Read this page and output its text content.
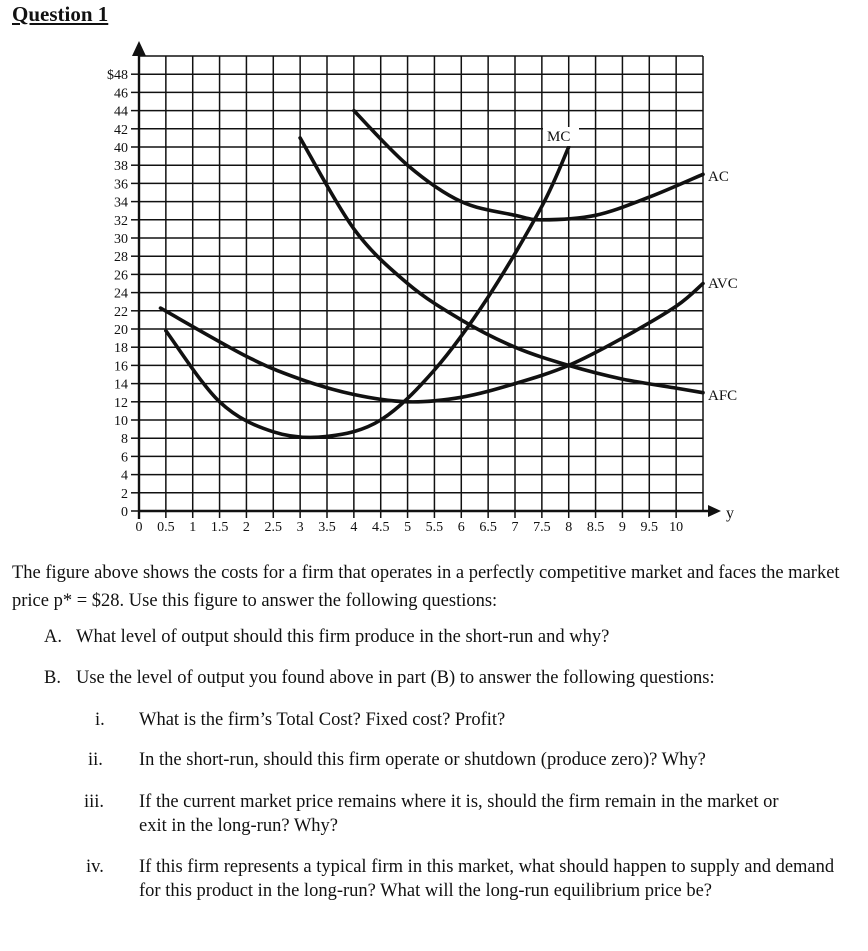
Question 1
$48
46
44
42
40
38
36
34
32
30
28
26
24
22
20
18
16
14
12
10
8
6
4
2
0
0 0.5 1 1.5 2 2.5 3 3.5 4 4.5 5 5.5 6 6.5 7 7.5 8 8.5 9 9.5 10
y
MC
AC
AVC
AFC

The figure above shows the costs for a firm that operates in a perfectly competitive market and faces the market price p* = $28. Use this figure to answer the following questions:

A. What level of output should this firm produce in the short-run and why?
B. Use the level of output you found above in part (B) to answer the following questions:
i. What is the firm’s Total Cost? Fixed cost? Profit?
ii. In the short-run, should this firm operate or shutdown (produce zero)? Why?
iii. If the current market price remains where it is, should the firm remain in the market or exit in the long-run? Why?
iv. If this firm represents a typical firm in this market, what should happen to supply and demand for this product in the long-run? What will the long-run equilibrium price be?
